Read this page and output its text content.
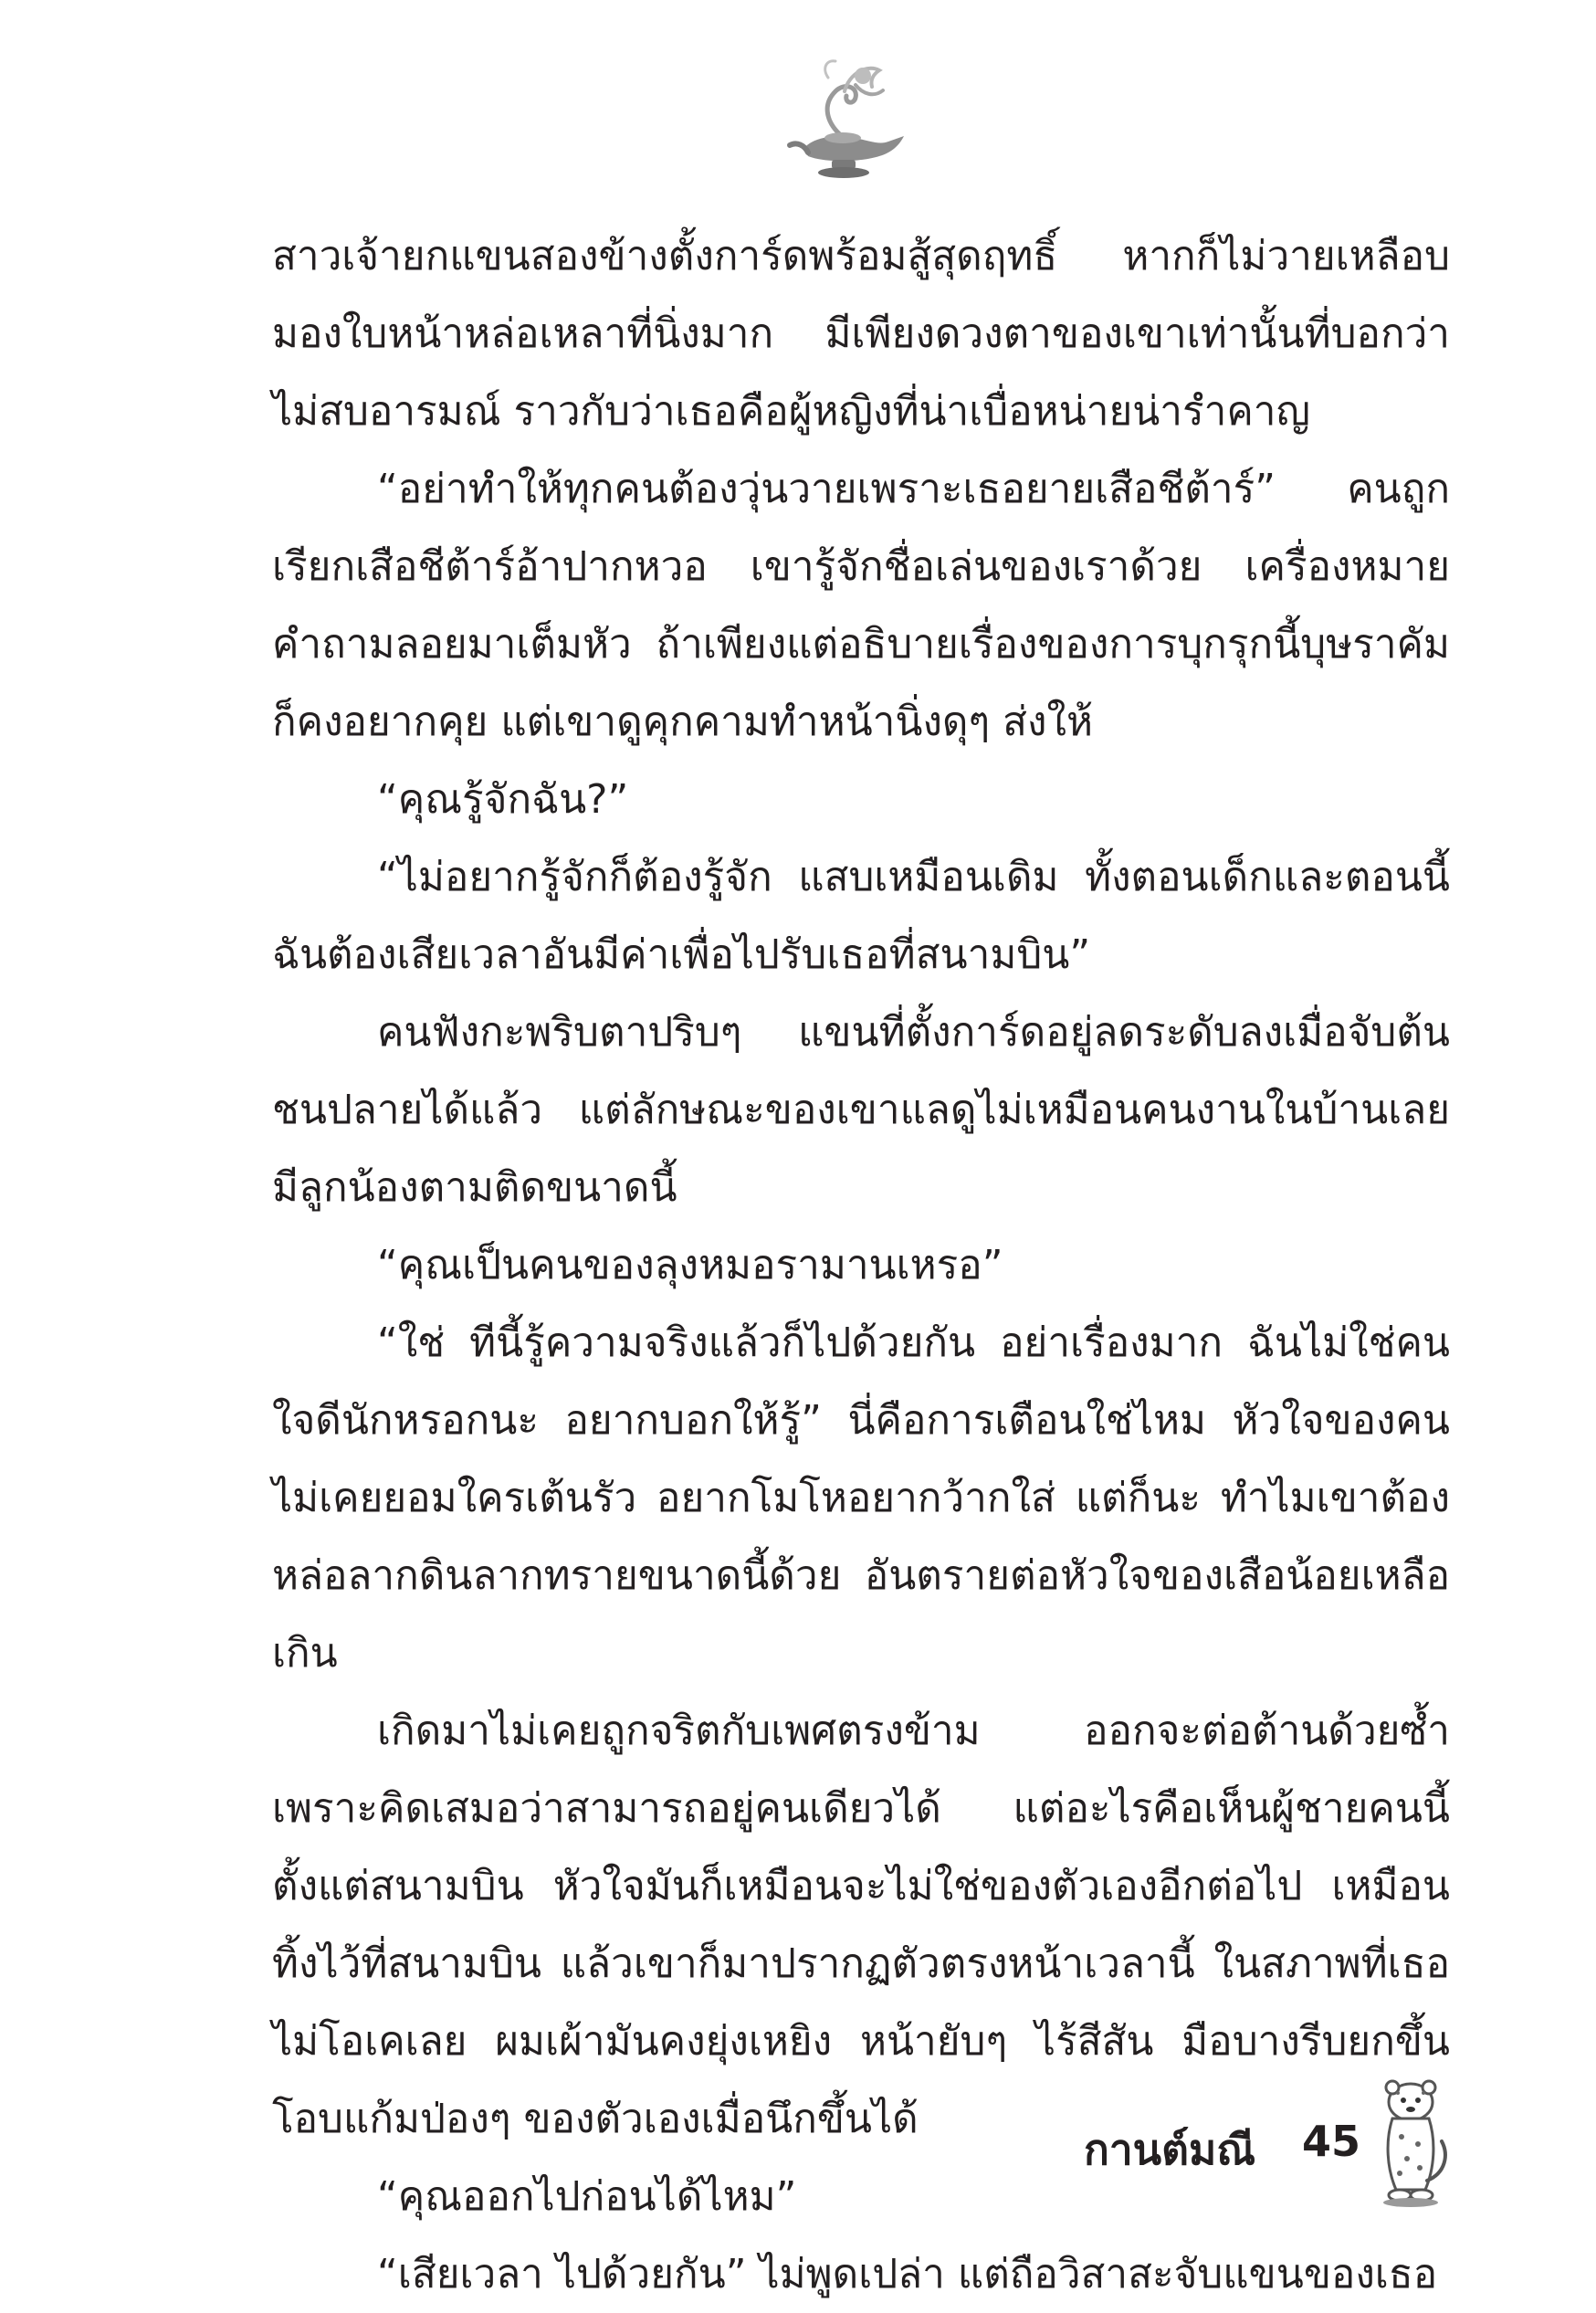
สาวเจ้ายกแขนสองข้างตั้งการ์ดพร้อมสู้สุดฤทธิ์ หากก็ไม่วายเหลือบมองใบหน้าหล่อเหลาที่นิ่งมาก มีเพียงดวงตาของเขาเท่านั้นที่บอกว่าไม่สบอารมณ์ ราวกับว่าเธอคือผู้หญิงที่น่าเบื่อหน่ายน่ารำคาญ

“อย่าทำให้ทุกคนต้องวุ่นวายเพราะเธอยายเสือชีต้าร์” คนถูกเรียกเสือชีต้าร์อ้าปากหวอ เขารู้จักชื่อเล่นของเราด้วย เครื่องหมายคำถามลอยมาเต็มหัว ถ้าเพียงแต่อธิบายเรื่องของการบุกรุกนี้บุษราคัมก็คงอยากคุย แต่เขาดูคุกคามทำหน้านิ่งดุๆ ส่งให้

“คุณรู้จักฉัน?”

“ไม่อยากรู้จักก็ต้องรู้จัก แสบเหมือนเดิม ทั้งตอนเด็กและตอนนี้ ฉันต้องเสียเวลาอันมีค่าเพื่อไปรับเธอที่สนามบิน”

คนฟังกะพริบตาปริบๆ แขนที่ตั้งการ์ดอยู่ลดระดับลงเมื่อจับต้นชนปลายได้แล้ว แต่ลักษณะของเขาแลดูไม่เหมือนคนงานในบ้านเลย มีลูกน้องตามติดขนาดนี้

“คุณเป็นคนของลุงหมอรามานเหรอ”

“ใช่ ทีนี้รู้ความจริงแล้วก็ไปด้วยกัน อย่าเรื่องมาก ฉันไม่ใช่คนใจดีนักหรอกนะ อยากบอกให้รู้” นี่คือการเตือนใช่ไหม หัวใจของคนไม่เคยยอมใครเต้นรัว อยากโมโหอยากว้ากใส่ แต่ก็นะ ทำไมเขาต้องหล่อลากดินลากทรายขนาดนี้ด้วย อันตรายต่อหัวใจของเสือน้อยเหลือเกิน

เกิดมาไม่เคยถูกจริตกับเพศตรงข้าม ออกจะต่อต้านด้วยซ้ำเพราะคิดเสมอว่าสามารถอยู่คนเดียวได้ แต่อะไรคือเห็นผู้ชายคนนี้ตั้งแต่สนามบิน หัวใจมันก็เหมือนจะไม่ใช่ของตัวเองอีกต่อไป เหมือนทิ้งไว้ที่สนามบิน แล้วเขาก็มาปรากฏตัวตรงหน้าเวลานี้ ในสภาพที่เธอไม่โอเคเลย ผมเผ้ามันคงยุ่งเหยิง หน้ายับๆ ไร้สีสัน มือบางรีบยกขึ้นโอบแก้มป่องๆ ของตัวเองเมื่อนึกขึ้นได้

“คุณออกไปก่อนได้ไหม”

“เสียเวลา ไปด้วยกัน” ไม่พูดเปล่า แต่ถือวิสาสะจับแขนของเธอ

กานต์มณี 45
